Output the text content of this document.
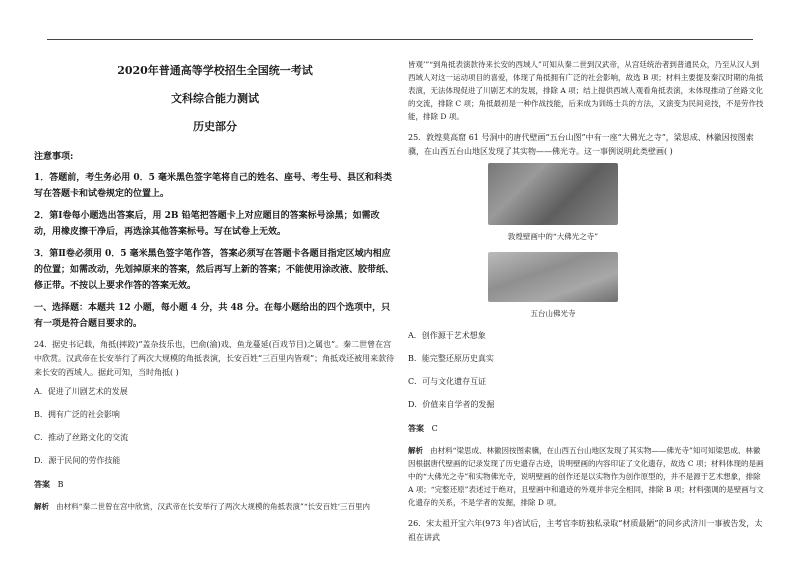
2020年普通高等学校招生全国统一考试
文科综合能力测试
历史部分

注意事项:

1．答题前，考生务必用 0．5 毫米黑色签字笔将自己的姓名、座号、考生号、县区和科类写在答题卡和试卷规定的位置上。

2．第Ⅰ卷每小题选出答案后，用 2B 铅笔把答题卡上对应题目的答案标号涂黑；如需改动，用橡皮擦干净后，再选涂其他答案标号。写在试卷上无效。

3．第Ⅱ卷必须用 0．5 毫米黑色签字笔作答，答案必须写在答题卡各题目指定区域内相应的位置；如需改动，先划掉原来的答案，然后再写上新的答案；不能使用涂改液、胶带纸、修正带。不按以上要求作答的答案无效。

一、选择题：本题共 12 小题，每小题 4 分，共 48 分。在每小题给出的四个选项中，只有一项是符合题目要求的。

24．据史书记载，角抵(摔跤)“盖杂技乐也，巴俞(渝)戏、鱼龙蔓延(百戏节目)之属也”。秦二世曾在宫中欣赏。汉武帝在长安举行了两次大规模的角抵表演，长安百姓“三百里内皆观”；角抵戏还被用来款待来长安的西域人。据此可知，当时角抵( )

A．促进了川剧艺术的发展

B．拥有广泛的社会影响

C．推动了丝路文化的交流

D．源于民间的劳作技能

答案 B

解析 由材料“秦二世曾在宫中欣赏，汉武帝在长安举行了两次大规模的角抵表演”“长安百姓‘三百里内

皆观’”“到角抵表演款待来长安的西域人”可知从秦二世到汉武帝，从宫廷统治者到普通民众，乃至从汉人到西域人对这一运动项目的喜爱，体现了角抵拥有广泛的社会影响，故选 B 项；材料主要提及秦汉时期的角抵表演，无法体现促进了川剧艺术的发展，排除 A 项；结上提供西域人观看角抵表演，未体现推动了丝路文化的交流，排除 C 项；角抵最初是一种作战技能，后来成为训练士兵的方法，又演变为民间竞技，不是劳作技能，排除 D 项。

25．敦煌莫高窟 61 号洞中的唐代壁画“五台山图”中有一座“大佛光之寺”，梁思成、林徽因按图索骥，在山西五台山地区发现了其实物——佛光寺。这一事例说明此类壁画( )

敦煌壁画中的“大佛光之寺”

五台山佛光寺

A．创作源于艺术想象

B．能完整还原历史真实

C．可与文化遗存互证

D．价值来自学者的发掘

答案 C

解析 由材料“梁思成、林徽因按图索骥，在山西五台山地区发现了其实物——佛光寺”知可知梁思成、林徽因根据唐代壁画的记录发现了历史遗存古迹，说明壁画的内容印证了文化遗存，故选 C 项；材料体现的是画中的“大佛光之寺”和实物佛光寺，说明壁画的创作还是以实物作为创作原型的，并不是源于艺术想象，排除 A 项；“完整还原”表述过于绝对，且壁画中和遗迹的外观并非完全相同，排除 B 项；材料强调的是壁画与文化遗存的关系，不是学者的发掘，排除 D 项。

26．宋太祖开宝六年(973 年)省试后，主考官李昉独私录取“材质最陋”的同乡武济川一事被告发，太祖在讲武
